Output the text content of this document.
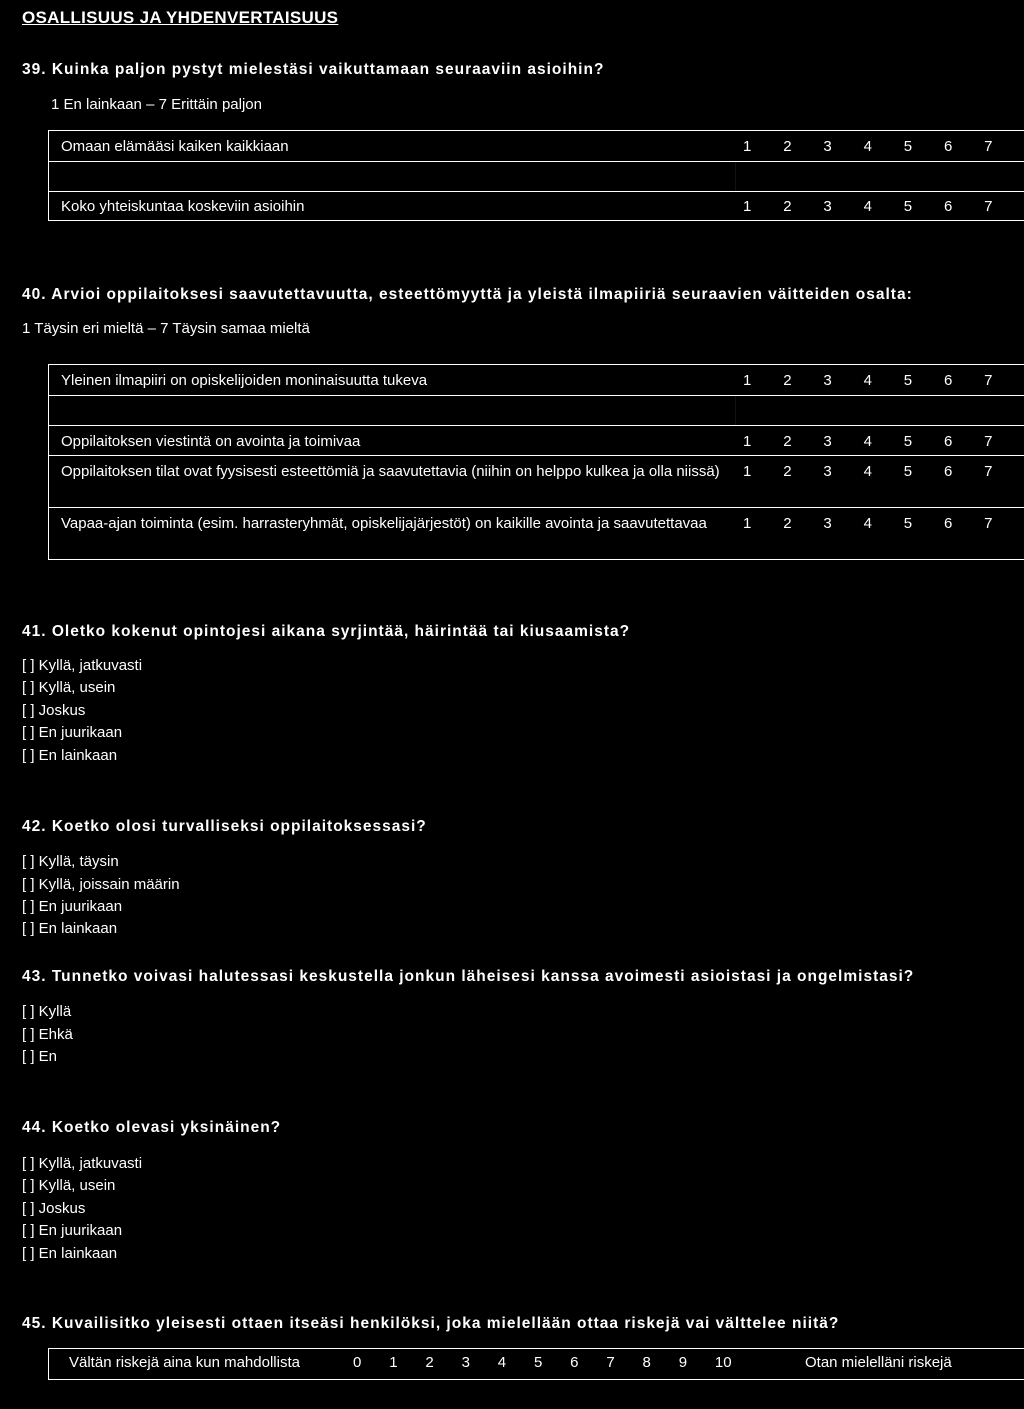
OSALLISUUS JA YHDENVERTAISUUS
39. Kuinka paljon pystyt mielestäsi vaikuttamaan seuraaviin asioihin?
1 En lainkaan – 7 Erittäin paljon
Omaan elämääsi kaiken kaikkiaan	1 2 3 4 5 6 7
Koko yhteiskuntaa koskeviin asioihin	1 2 3 4 5 6 7
40. Arvioi oppilaitoksesi saavutettavuutta, esteettömyyttä ja yleistä ilmapiiriä seuraavien väitteiden osalta:
1 Täysin eri mieltä – 7 Täysin samaa mieltä
Yleinen ilmapiiri on opiskelijoiden moninaisuutta tukeva	1 2 3 4 5 6 7
Oppilaitoksen viestintä on avointa ja toimivaa	1 2 3 4 5 6 7
Oppilaitoksen tilat ovat fyysisesti esteettömiä ja saavutettavia (niihin on helppo kulkea ja olla niissä) 1 2 3 4 5 6 7
Vapaa-ajan toiminta (esim. harrasteryhmät, opiskelijajärjestöt) on kaikille avointa ja saavutettavaa	1 2 3 4 5 6 7
41. Oletko kokenut opintojesi aikana syrjintää, häirintää tai kiusaamista?
[ ] Kyllä, jatkuvasti
[ ] Kyllä, usein
[ ] Joskus
[ ] En juurikaan
[ ] En lainkaan
42. Koetko olosi turvalliseksi oppilaitoksessasi?
[ ] Kyllä, täysin
[ ] Kyllä, joissain määrin
[ ] En juurikaan
[ ] En lainkaan
43. Tunnetko voivasi halutessasi keskustella jonkun läheisesi kanssa avoimesti asioistasi ja ongelmistasi?
[ ] Kyllä
[ ] Ehkä
[ ] En
44. Koetko olevasi yksinäinen?
[ ] Kyllä, jatkuvasti
[ ] Kyllä, usein
[ ] Joskus
[ ] En juurikaan
[ ] En lainkaan
45. Kuvailisitko yleisesti ottaen itseäsi henkilöksi, joka mielellään ottaa riskejä vai välttelee niitä?
Vältän riskejä aina kun mahdollista	0 1 2 3 4 5 6 7 8 9 10	Otan mielelläni riskejä
